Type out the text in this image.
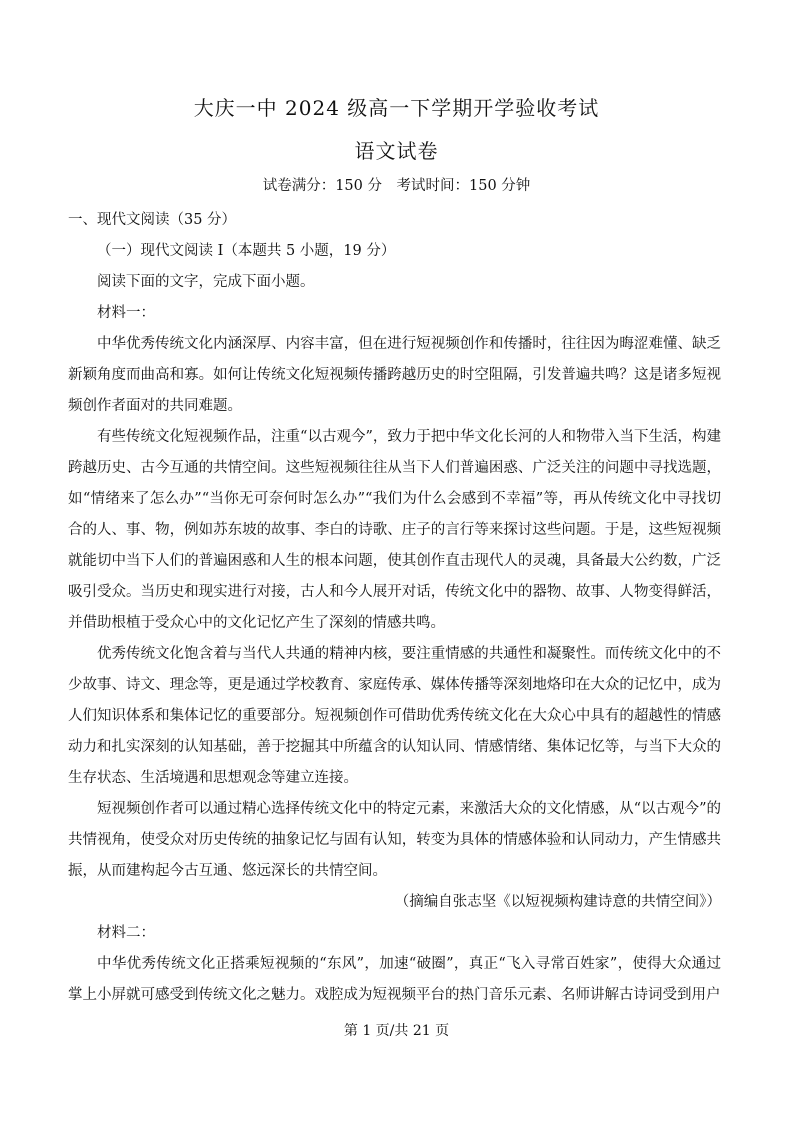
大庆一中 2024 级高一下学期开学验收考试
语文试卷
试卷满分：150 分　考试时间：150 分钟

一、现代文阅读（35 分）

（一）现代文阅读 I（本题共 5 小题，19 分）

阅读下面的文字，完成下面小题。

材料一：

中华优秀传统文化内涵深厚、内容丰富，但在进行短视频创作和传播时，往往因为晦涩难懂、缺乏新颖角度而曲高和寡。如何让传统文化短视频传播跨越历史的时空阻隔，引发普遍共鸣？这是诸多短视频创作者面对的共同难题。

有些传统文化短视频作品，注重“以古观今”，致力于把中华文化长河的人和物带入当下生活，构建跨越历史、古今互通的共情空间。这些短视频往往从当下人们普遍困惑、广泛关注的问题中寻找选题，如“情绪来了怎么办”“当你无可奈何时怎么办”“我们为什么会感到不幸福”等，再从传统文化中寻找切合的人、事、物，例如苏东坡的故事、李白的诗歌、庄子的言行等来探讨这些问题。于是，这些短视频就能切中当下人们的普遍困惑和人生的根本问题，使其创作直击现代人的灵魂，具备最大公约数，广泛吸引受众。当历史和现实进行对接，古人和今人展开对话，传统文化中的器物、故事、人物变得鲜活，并借助根植于受众心中的文化记忆产生了深刻的情感共鸣。

优秀传统文化饱含着与当代人共通的精神内核，要注重情感的共通性和凝聚性。而传统文化中的不少故事、诗文、理念等，更是通过学校教育、家庭传承、媒体传播等深刻地烙印在大众的记忆中，成为人们知识体系和集体记忆的重要部分。短视频创作可借助优秀传统文化在大众心中具有的超越性的情感动力和扎实深刻的认知基础，善于挖掘其中所蕴含的认知认同、情感情绪、集体记忆等，与当下大众的生存状态、生活境遇和思想观念等建立连接。

短视频创作者可以通过精心选择传统文化中的特定元素，来激活大众的文化情感，从“以古观今”的共情视角，使受众对历史传统的抽象记忆与固有认知，转变为具体的情感体验和认同动力，产生情感共振，从而建构起今古互通、悠远深长的共情空间。

（摘编自张志坚《以短视频构建诗意的共情空间》）

材料二：

中华优秀传统文化正搭乘短视频的“东风”，加速“破圈”，真正“飞入寻常百姓家”，使得大众通过掌上小屏就可感受到传统文化之魅力。戏腔成为短视频平台的热门音乐元素、名师讲解古诗词受到用户

第 1 页/共 21 页
